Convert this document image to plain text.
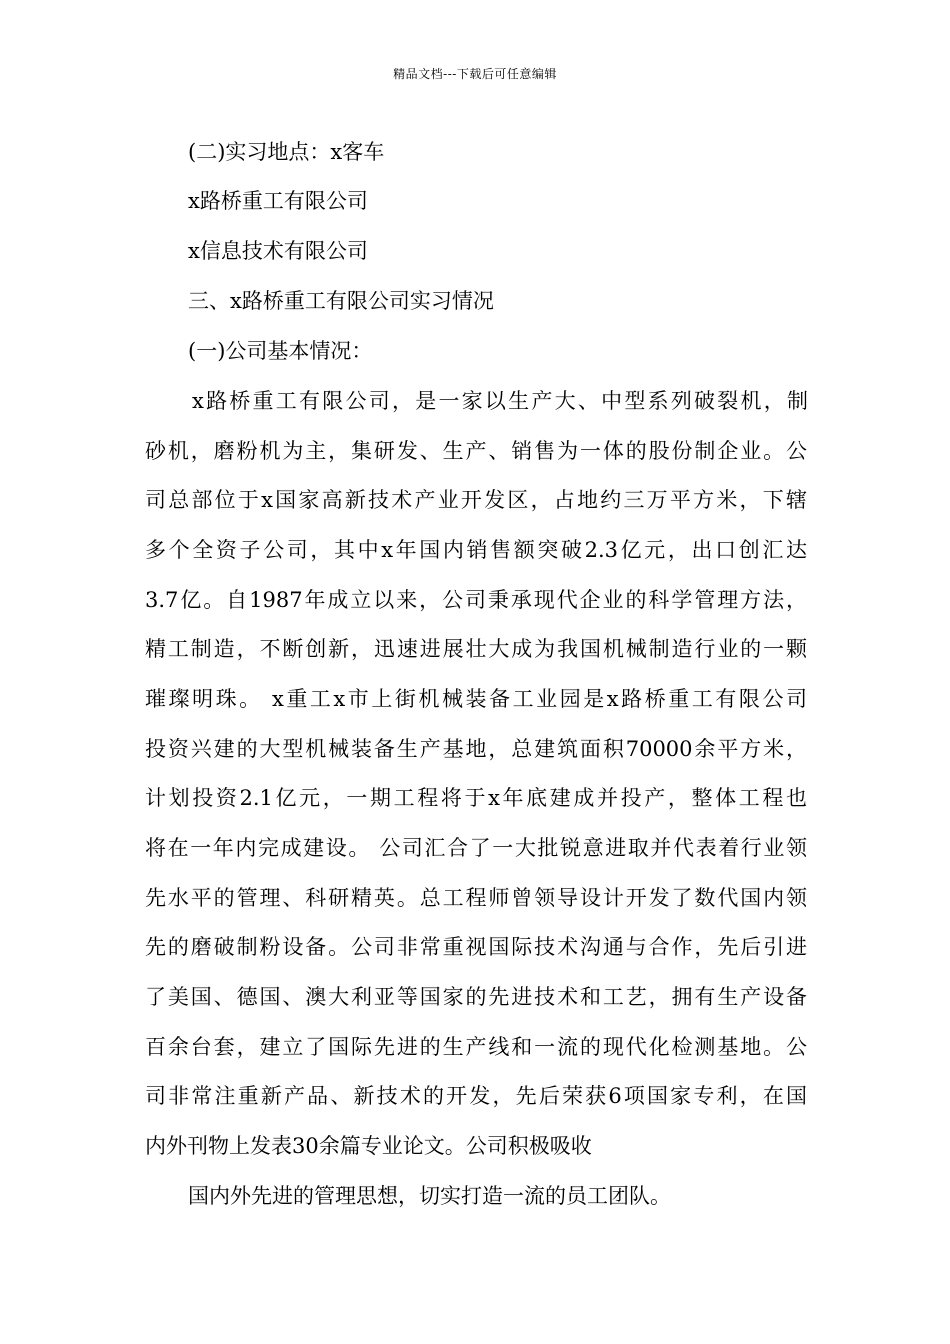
精品文档---下载后可任意编辑
(二)实习地点：x客车
x路桥重工有限公司
x信息技术有限公司
三、x路桥重工有限公司实习情况
(一)公司基本情况：
x路桥重工有限公司，是一家以生产大、中型系列破裂机，制
砂机，磨粉机为主，集研发、生产、销售为一体的股份制企业。公
司总部位于x国家高新技术产业开发区，占地约三万平方米，下辖
多个全资子公司，其中x年国内销售额突破2.3亿元，出口创汇达
3.7亿。自1987年成立以来，公司秉承现代企业的科学管理方法，
精工制造，不断创新，迅速进展壮大成为我国机械制造行业的一颗
璀璨明珠。 x重工x市上街机械装备工业园是x路桥重工有限公司
投资兴建的大型机械装备生产基地，总建筑面积70000余平方米，
计划投资2.1亿元，一期工程将于x年底建成并投产，整体工程也
将在一年内完成建设。 公司汇合了一大批锐意进取并代表着行业领
先水平的管理、科研精英。总工程师曾领导设计开发了数代国内领
先的磨破制粉设备。公司非常重视国际技术沟通与合作，先后引进
了美国、德国、澳大利亚等国家的先进技术和工艺，拥有生产设备
百余台套，建立了国际先进的生产线和一流的现代化检测基地。公
司非常注重新产品、新技术的开发，先后荣获6项国家专利，在国
内外刊物上发表30余篇专业论文。公司积极吸收
国内外先进的管理思想，切实打造一流的员工团队。
